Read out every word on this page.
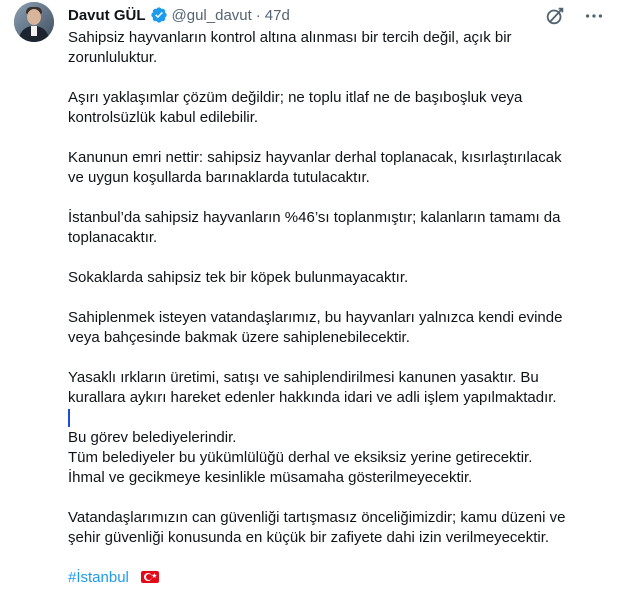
Davut GÜL @gul_davut · 47d

Sahipsiz hayvanların kontrol altına alınması bir tercih değil, açık bir

zorunluluktur.

Aşırı yaklaşımlar çözüm değildir; ne toplu itlaf ne de başıboşluk veya

kontrolsüzlük kabul edilebilir.

Kanunun emri nettir: sahipsiz hayvanlar derhal toplanacak, kısırlaştırılacak

ve uygun koşullarda barınaklarda tutulacaktır.

İstanbul’da sahipsiz hayvanların %46’sı toplanmıştır; kalanların tamamı da

toplanacaktır.

Sokaklarda sahipsiz tek bir köpek bulunmayacaktır.

Sahiplenmek isteyen vatandaşlarımız, bu hayvanları yalnızca kendi evinde

veya bahçesinde bakmak üzere sahiplenebilecektir.

Yasaklı ırkların üretimi, satışı ve sahiplendirilmesi kanunen yasaktır. Bu

kurallara aykırı hareket edenler hakkında idari ve adli işlem yapılmaktadır.

Bu görev belediyelerindir.

Tüm belediyeler bu yükümlülüğü derhal ve eksiksiz yerine getirecektir.

İhmal ve gecikmeye kesinlikle müsamaha gösterilmeyecektir.

Vatandaşlarımızın can güvenliği tartışmasız önceliğimizdir; kamu düzeni ve

şehir güvenliği konusunda en küçük bir zafiyete dahi izin verilmeyecektir.

#İstanbul	★
